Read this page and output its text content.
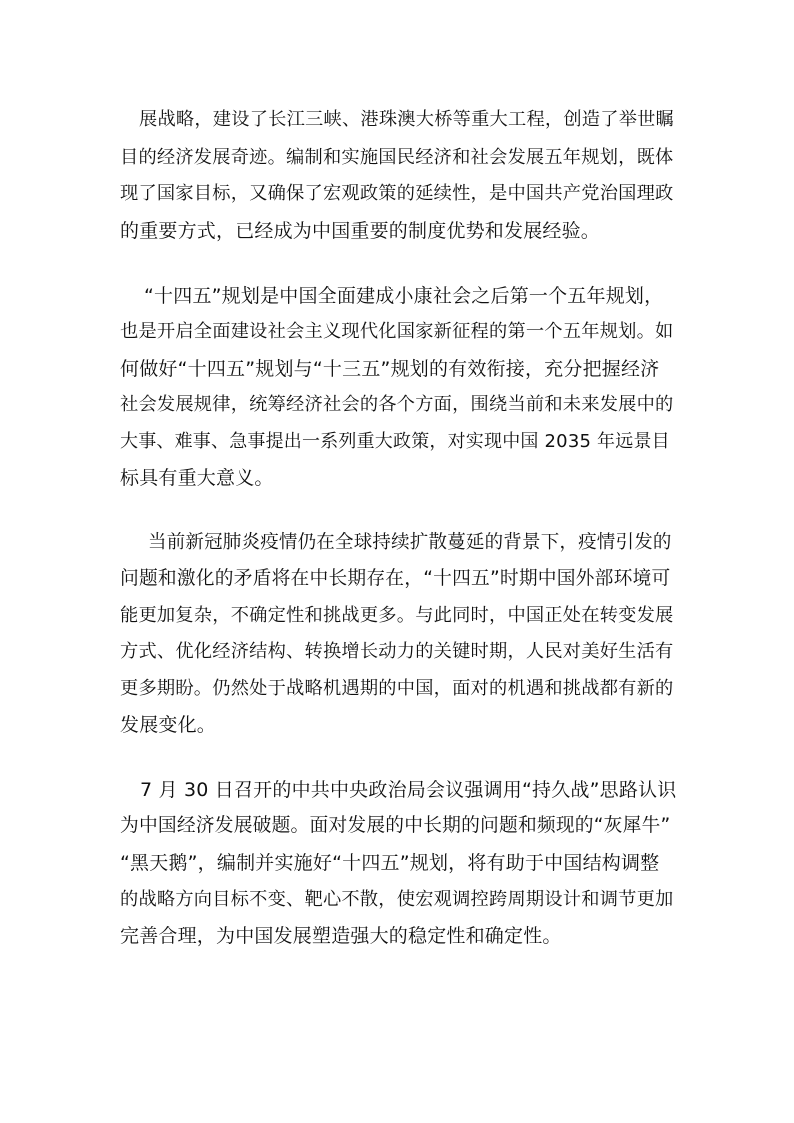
展战略，建设了长江三峡、港珠澳大桥等重大工程，创造了举世瞩
目的经济发展奇迹。编制和实施国民经济和社会发展五年规划，既体
现了国家目标，又确保了宏观政策的延续性，是中国共产党治国理政
的重要方式，已经成为中国重要的制度优势和发展经验。
“十四五”规划是中国全面建成小康社会之后第一个五年规划，
也是开启全面建设社会主义现代化国家新征程的第一个五年规划。如
何做好“十四五”规划与“十三五”规划的有效衔接，充分把握经济
社会发展规律，统筹经济社会的各个方面，围绕当前和未来发展中的
大事、难事、急事提出一系列重大政策，对实现中国 2035 年远景目
标具有重大意义。
当前新冠肺炎疫情仍在全球持续扩散蔓延的背景下，疫情引发的
问题和激化的矛盾将在中长期存在，“十四五”时期中国外部环境可
能更加复杂，不确定性和挑战更多。与此同时，中国正处在转变发展
方式、优化经济结构、转换增长动力的关键时期，人民对美好生活有
更多期盼。仍然处于战略机遇期的中国，面对的机遇和挑战都有新的
发展变化。
7 月 30 日召开的中共中央政治局会议强调用“持久战”思路认识
为中国经济发展破题。面对发展的中长期的问题和频现的“灰犀牛”
“黑天鹅”，编制并实施好“十四五”规划，将有助于中国结构调整
的战略方向目标不变、靶心不散，使宏观调控跨周期设计和调节更加
完善合理，为中国发展塑造强大的稳定性和确定性。
